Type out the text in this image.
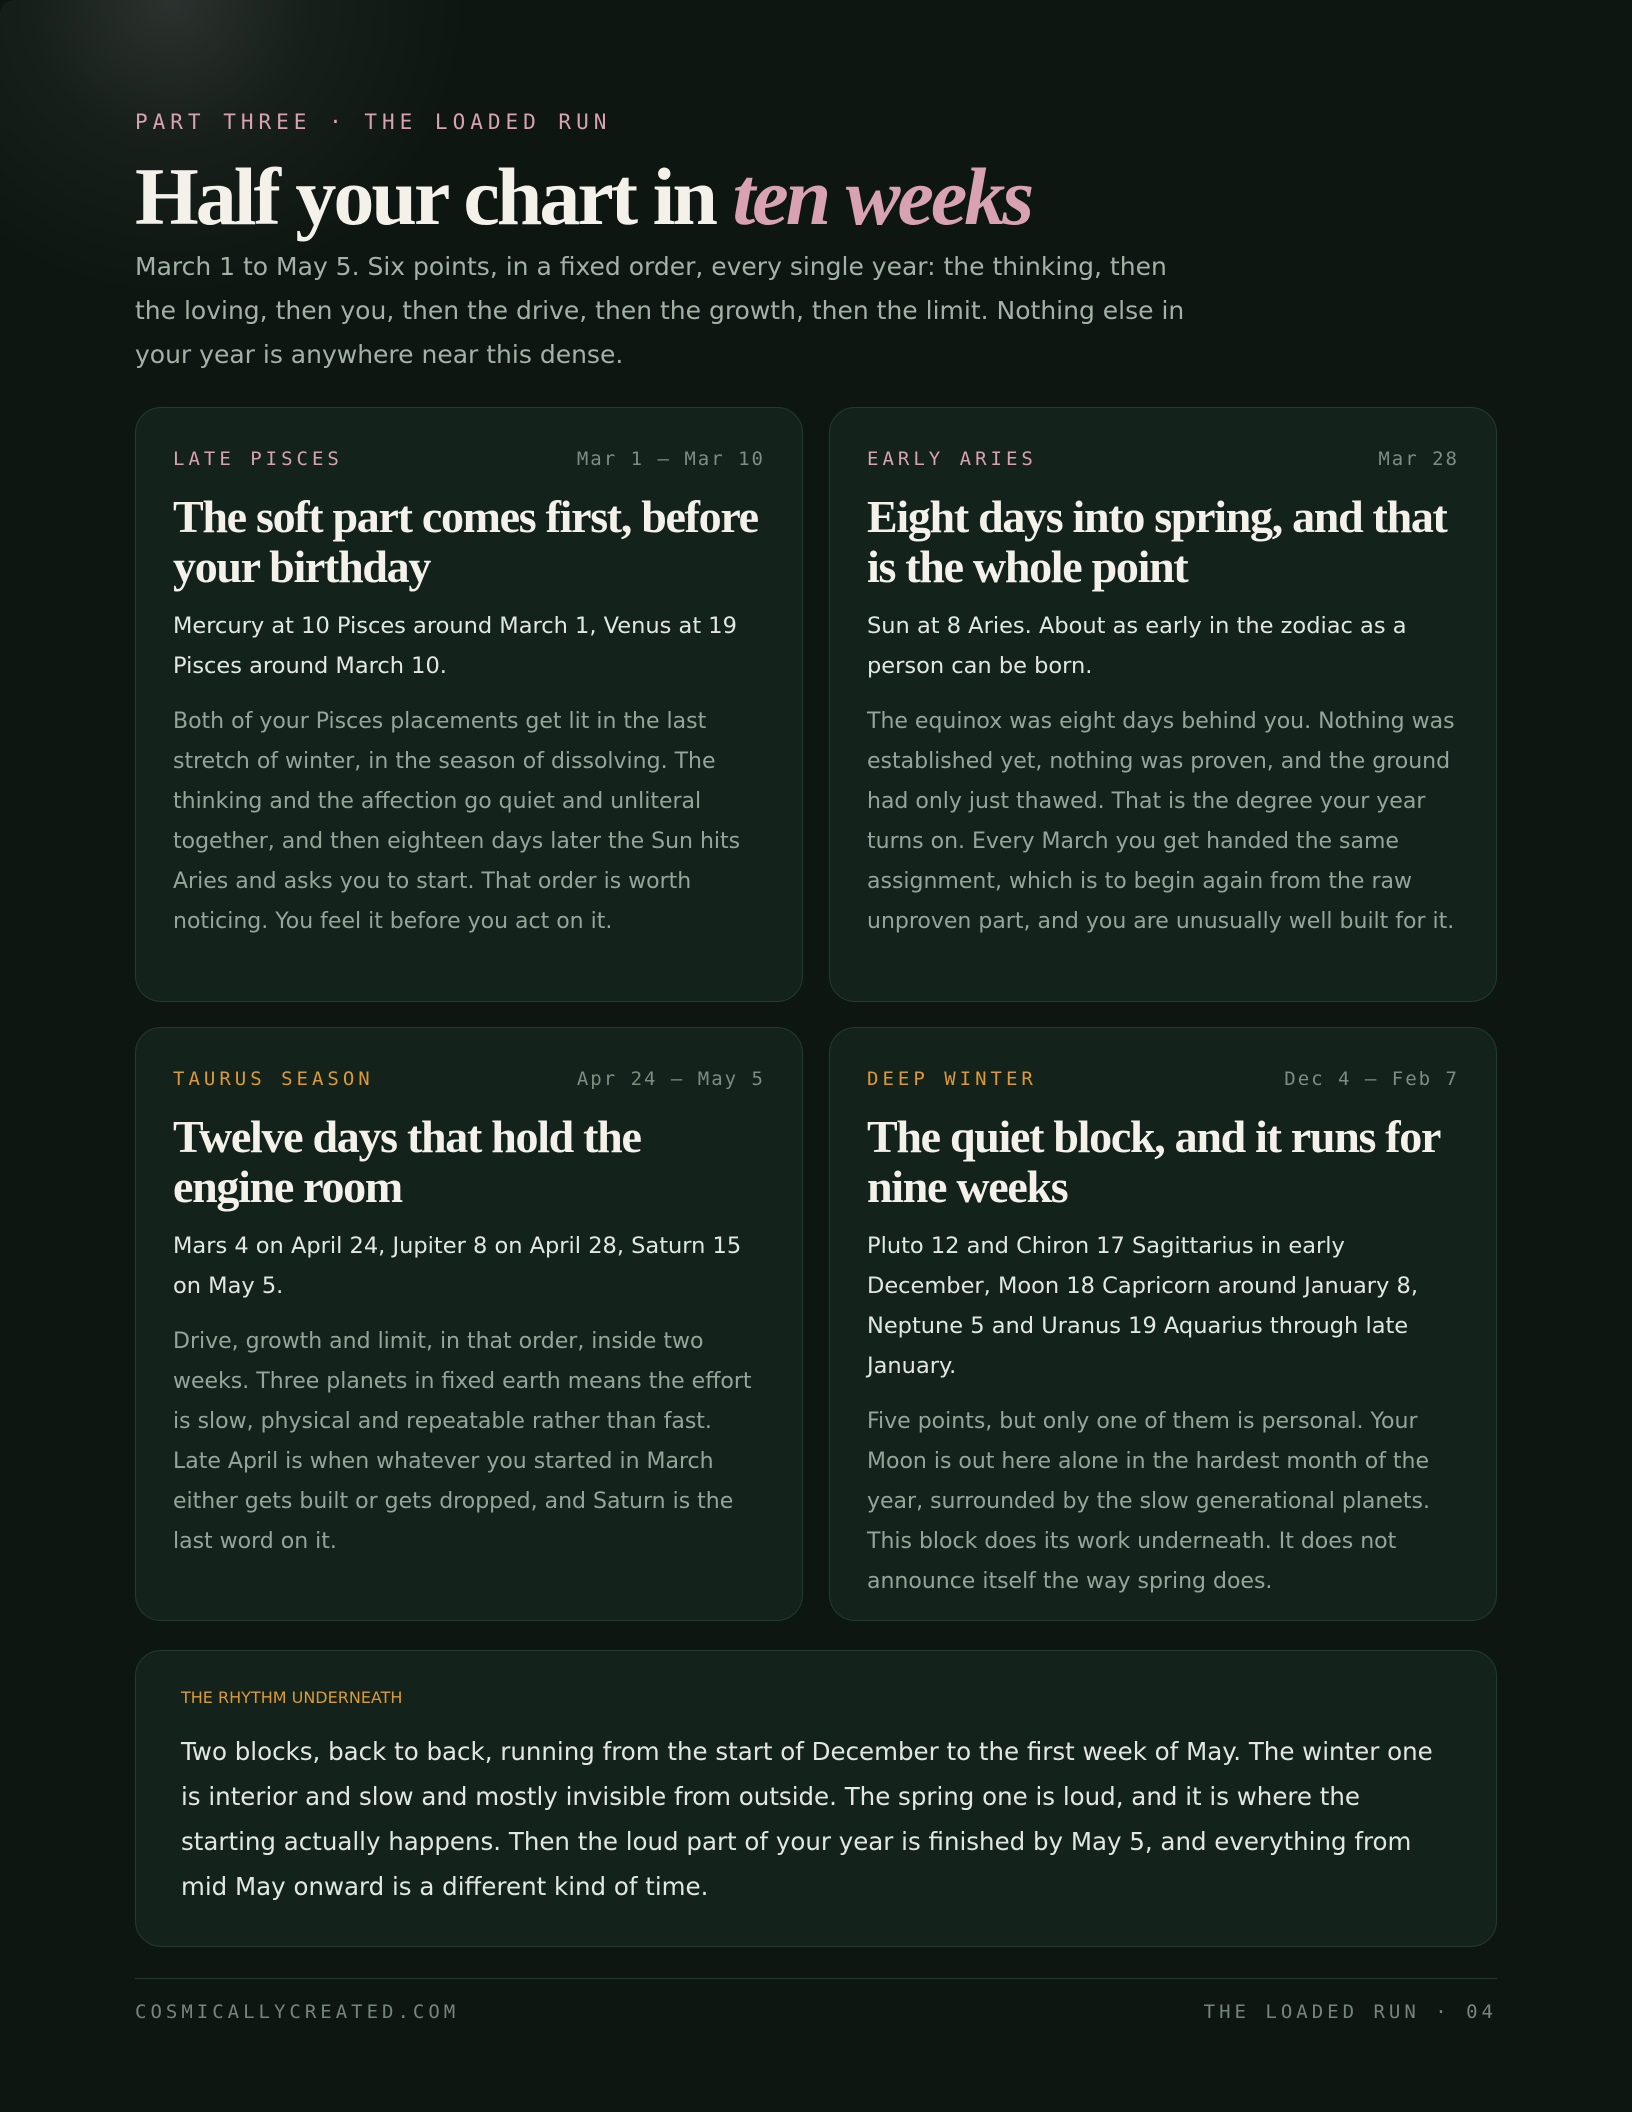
PART THREE · THE LOADED RUN
Half your chart in ten weeks

March 1 to May 5. Six points, in a fixed order, every single year: the thinking, then the loving, then you, then the drive, then the growth, then the limit. Nothing else in your year is anywhere near this dense.

LATE PISCES	Mar 1 – Mar 10
The soft part comes first, before your birthday

Mercury at 10 Pisces around March 1, Venus at 19 Pisces around March 10.

Both of your Pisces placements get lit in the last stretch of winter, in the season of dissolving. The thinking and the affection go quiet and unliteral together, and then eighteen days later the Sun hits Aries and asks you to start. That order is worth noticing. You feel it before you act on it.

EARLY ARIES	Mar 28
Eight days into spring, and that is the whole point

Sun at 8 Aries. About as early in the zodiac as a person can be born.

The equinox was eight days behind you. Nothing was established yet, nothing was proven, and the ground had only just thawed. That is the degree your year turns on. Every March you get handed the same assignment, which is to begin again from the raw unproven part, and you are unusually well built for it.

TAURUS SEASON	Apr 24 – May 5
Twelve days that hold the engine room

Mars 4 on April 24, Jupiter 8 on April 28, Saturn 15 on May 5.

Drive, growth and limit, in that order, inside two weeks. Three planets in fixed earth means the effort is slow, physical and repeatable rather than fast. Late April is when whatever you started in March either gets built or gets dropped, and Saturn is the last word on it.

DEEP WINTER	Dec 4 – Feb 7
The quiet block, and it runs for nine weeks

Pluto 12 and Chiron 17 Sagittarius in early December, Moon 18 Capricorn around January 8, Neptune 5 and Uranus 19 Aquarius through late January.

Five points, but only one of them is personal. Your Moon is out here alone in the hardest month of the year, surrounded by the slow generational planets. This block does its work underneath. It does not announce itself the way spring does.

THE RHYTHM UNDERNEATH

Two blocks, back to back, running from the start of December to the first week of May. The winter one is interior and slow and mostly invisible from outside. The spring one is loud, and it is where the starting actually happens. Then the loud part of your year is finished by May 5, and everything from mid May onward is a different kind of time.

COSMICALLYCREATED.COM	THE LOADED RUN · 04
